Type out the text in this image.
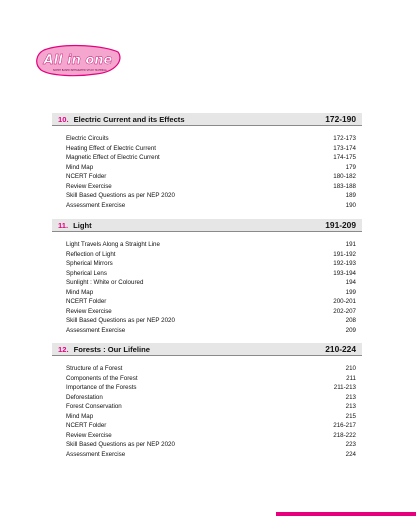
All in one
NCERT BASED INTEGRATED STUDY MATERIAL
10. Electric Current and its Effects	172-190
Electric Circuits	172-173
Heating Effect of Electric Current	173-174
Magnetic Effect of Electric Current	174-175
Mind Map	179
NCERT Folder	180-182
Review Exercise	183-188
Skill Based Questions as per NEP 2020	189
Assessment Exercise	190
11. Light	191-209
Light Travels Along a Straight Line	191
Reflection of Light	191-192
Spherical Mirrors	192-193
Spherical Lens	193-194
Sunlight : White or Coloured	194
Mind Map	199
NCERT Folder	200-201
Review Exercise	202-207
Skill Based Questions as per NEP 2020	208
Assessment Exercise	209
12. Forests : Our Lifeline	210-224
Structure of a Forest	210
Components of the Forest	211
Importance of the Forests	211-213
Deforestation	213
Forest Conservation	213
Mind Map	215
NCERT Folder	216-217
Review Exercise	218-222
Skill Based Questions as per NEP 2020	223
Assessment Exercise	224
